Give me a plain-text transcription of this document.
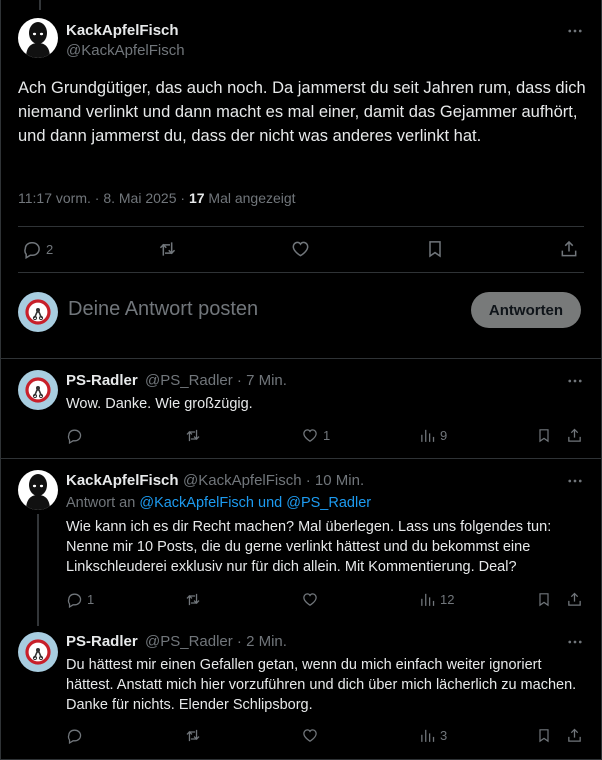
KackApfelFisch
@KackApfelFisch
Ach Grundgütiger, das auch noch. Da jammerst du seit Jahren rum, dass dich niemand verlinkt und dann macht es mal einer, damit das Gejammer aufhört, und dann jammerst du, dass der nicht was anderes verlinkt hat.
11:17 vorm. · 8. Mai 2025 · 17 Mal angezeigt
2
Deine Antwort posten	Antworten
PS-Radler @PS_Radler · 7 Min.
Wow. Danke. Wie großzügig.
1	9
KackApfelFisch @KackApfelFisch · 10 Min.
Antwort an @KackApfelFisch und @PS_Radler
Wie kann ich es dir Recht machen? Mal überlegen. Lass uns folgendes tun: Nenne mir 10 Posts, die du gerne verlinkt hättest und du bekommst eine Linkschleuderei exklusiv nur für dich allein. Mit Kommentierung. Deal?
1	12
PS-Radler @PS_Radler · 2 Min.
Du hättest mir einen Gefallen getan, wenn du mich einfach weiter ignoriert hättest. Anstatt mich hier vorzuführen und dich über mich lächerlich zu machen. Danke für nichts. Elender Schlipsborg.
3
